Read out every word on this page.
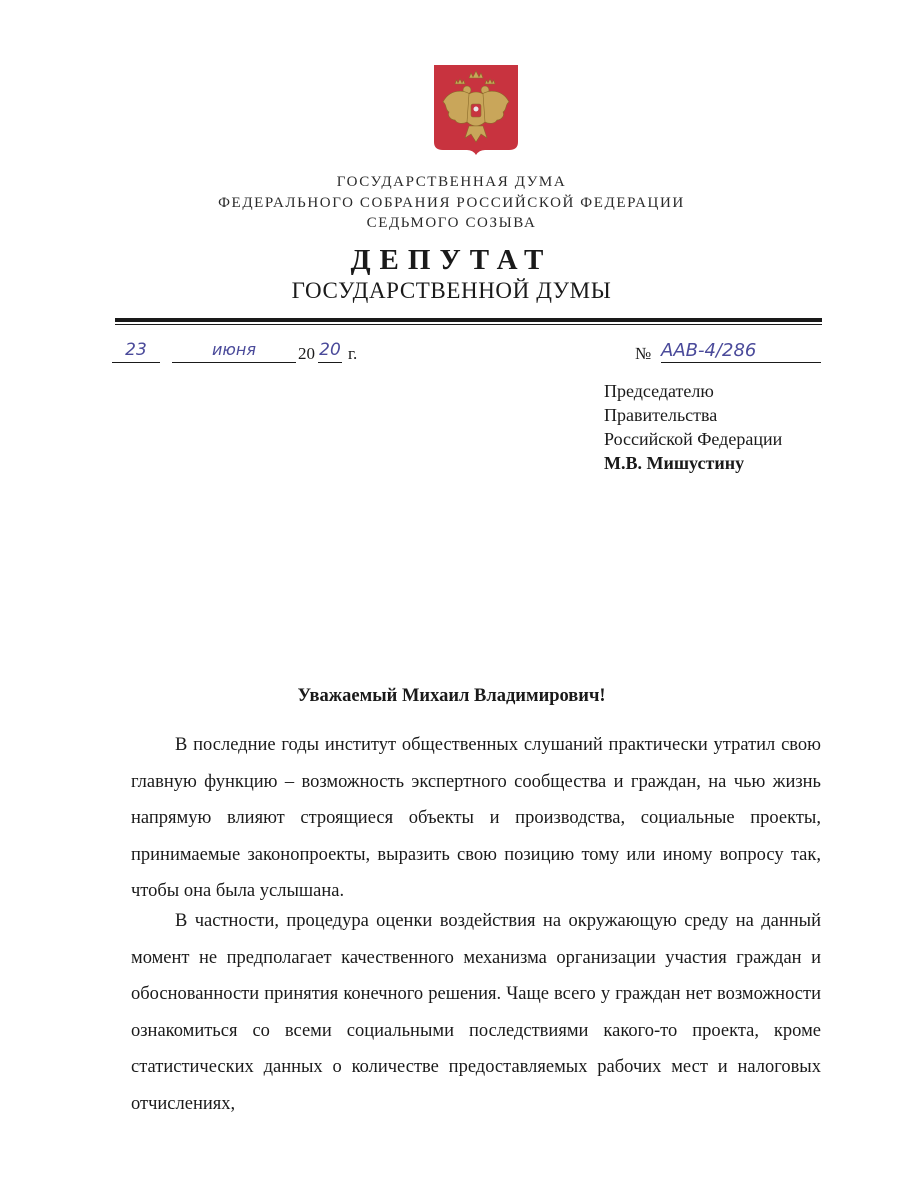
ГОСУДАРСТВЕННАЯ ДУМА
ФЕДЕРАЛЬНОГО СОБРАНИЯ РОССИЙСКОЙ ФЕДЕРАЦИИ
СЕДЬМОГО СОЗЫВА
ДЕПУТАТ
ГОСУДАРСТВЕННОЙ ДУМЫ
23	июня	20 20 г.	№ ААВ-4/286
Председателю
Правительства
Российской Федерации
М.В. Мишустину
Уважаемый Михаил Владимирович!
В последние годы институт общественных слушаний практически утратил свою главную функцию – возможность экспертного сообщества и граждан, на чью жизнь напрямую влияют строящиеся объекты и производства, социальные проекты, принимаемые законопроекты, выразить свою позицию тому или иному вопросу так, чтобы она была услышана.
В частности, процедура оценки воздействия на окружающую среду на данный момент не предполагает качественного механизма организации участия граждан и обоснованности принятия конечного решения. Чаще всего у граждан нет возможности ознакомиться со всеми социальными последствиями какого-то проекта, кроме статистических данных о количестве предоставляемых рабочих мест и налоговых отчислениях,
